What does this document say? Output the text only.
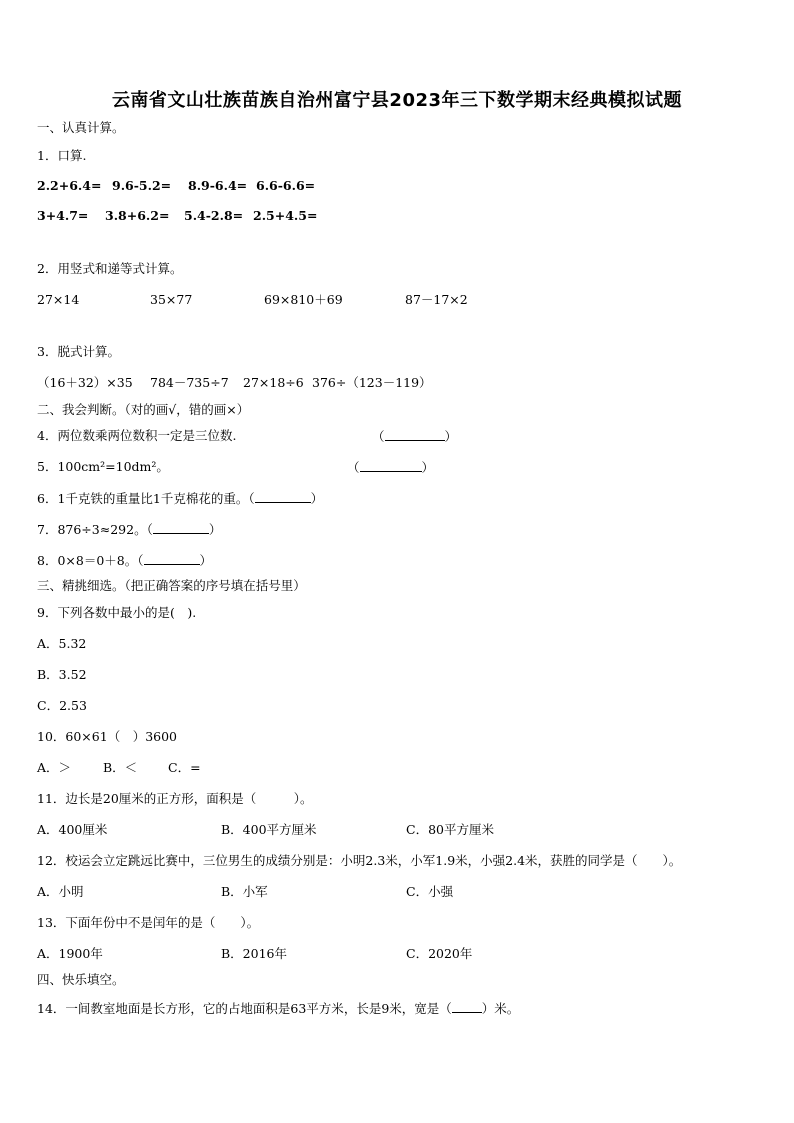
云南省文山壮族苗族自治州富宁县2023年三下数学期末经典模拟试题
一、认真计算。
1．口算.
2.2+6.4= 9.6-5.2= 8.9-6.4= 6.6-6.6=
3+4.7= 3.8+6.2= 5.4-2.8= 2.5+4.5=
2．用竖式和递等式计算。
27×14	35×77	69×810＋69	87－17×2
3．脱式计算。
（16＋32）×35 784－735÷7 27×18÷6 376÷（123－119）
二、我会判断。（对的画√，错的画×）
4．两位数乘两位数积一定是三位数.	（	）
5．100cm²=10dm²。	（	）
6．1千克铁的重量比1千克棉花的重。（	）
7．876÷3≈292。（	）
8．0×8＝0＋8。（	）
三、精挑细选。（把正确答案的序号填在括号里）
9．下列各数中最小的是(　).
A．5.32
B．3.52
C．2.53
10．60×61（　）3600
A．＞	B．＜ C．=
11．边长是20厘米的正方形，面积是（　　　）。
A．400厘米	B．400平方厘米	C．80平方厘米
12．校运会立定跳远比赛中，三位男生的成绩分别是：小明2.3米，小军1.9米，小强2.4米，获胜的同学是（　　）。
A．小明	B．小军	C．小强
13．下面年份中不是闰年的是（　　）。
A．1900年	B．2016年	C．2020年
四、快乐填空。
14．一间教室地面是长方形，它的占地面积是63平方米，长是9米，宽是（ ）米。
